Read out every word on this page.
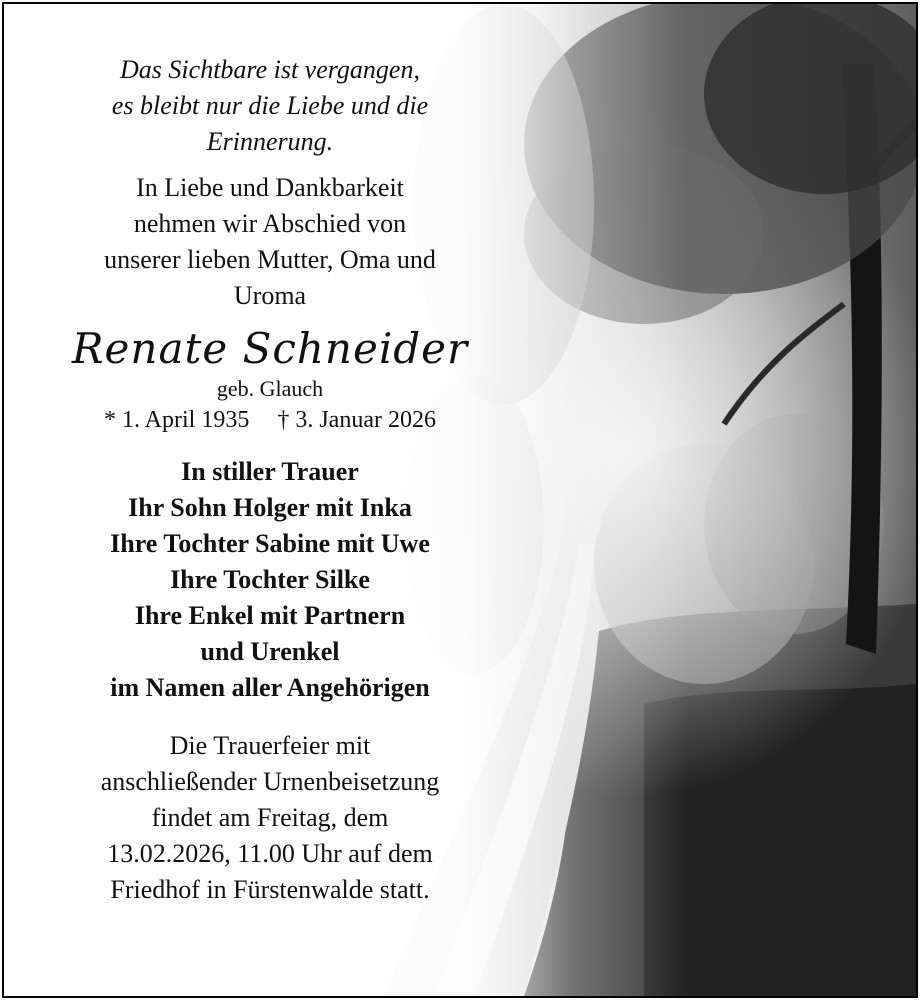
Das Sichtbare ist vergangen,
es bleibt nur die Liebe und die
Erinnerung.

In Liebe und Dankbarkeit
nehmen wir Abschied von
unserer lieben Mutter, Oma und
Uroma

Renate Schneider

geb. Glauch

* 1. April 1935 † 3. Januar 2026

In stiller Trauer
Ihr Sohn Holger mit Inka
Ihre Tochter Sabine mit Uwe
Ihre Tochter Silke
Ihre Enkel mit Partnern
und Urenkel
im Namen aller Angehörigen

Die Trauerfeier mit
anschließender Urnenbeisetzung
findet am Freitag, dem
13.02.2026, 11.00 Uhr auf dem
Friedhof in Fürstenwalde statt.
